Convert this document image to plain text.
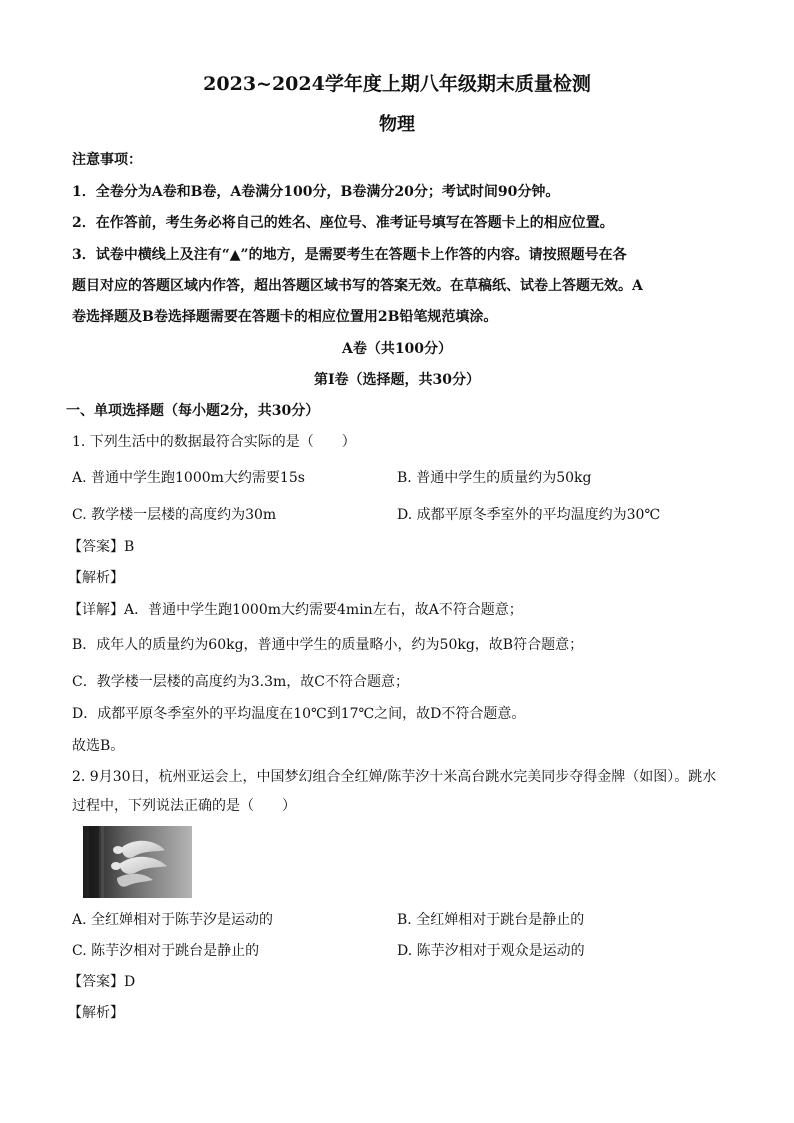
2023~2024学年度上期八年级期末质量检测
物理
注意事项：
1．全卷分为A卷和B卷，A卷满分100分，B卷满分20分；考试时间90分钟。
2．在作答前，考生务必将自己的姓名、座位号、准考证号填写在答题卡上的相应位置。
3．试卷中横线上及注有“▲”的地方，是需要考生在答题卡上作答的内容。请按照题号在各
题目对应的答题区域内作答，超出答题区域书写的答案无效。在草稿纸、试卷上答题无效。A
卷选择题及B卷选择题需要在答题卡的相应位置用2B铅笔规范填涂。
A卷（共100分）
第Ⅰ卷（选择题，共30分）
一、单项选择题（每小题2分，共30分）
1. 下列生活中的数据最符合实际的是（　　）
A. 普通中学生跑1000m大约需要15s	B. 普通中学生的质量约为50kg
C. 教学楼一层楼的高度约为30m	D. 成都平原冬季室外的平均温度约为30℃
【答案】B
【解析】
【详解】A．普通中学生跑1000m大约需要4min左右，故A不符合题意；
B．成年人的质量约为60kg，普通中学生的质量略小，约为50kg，故B符合题意；
C．教学楼一层楼的高度约为3.3m，故C不符合题意；
D．成都平原冬季室外的平均温度在10℃到17℃之间，故D不符合题意。
故选B。
2. 9月30日，杭州亚运会上，中国梦幻组合全红婵/陈芋汐十米高台跳水完美同步夺得金牌（如图）。跳水
过程中，下列说法正确的是（　　）
A. 全红婵相对于陈芋汐是运动的	B. 全红婵相对于跳台是静止的
C. 陈芋汐相对于跳台是静止的	D. 陈芋汐相对于观众是运动的
【答案】D
【解析】
